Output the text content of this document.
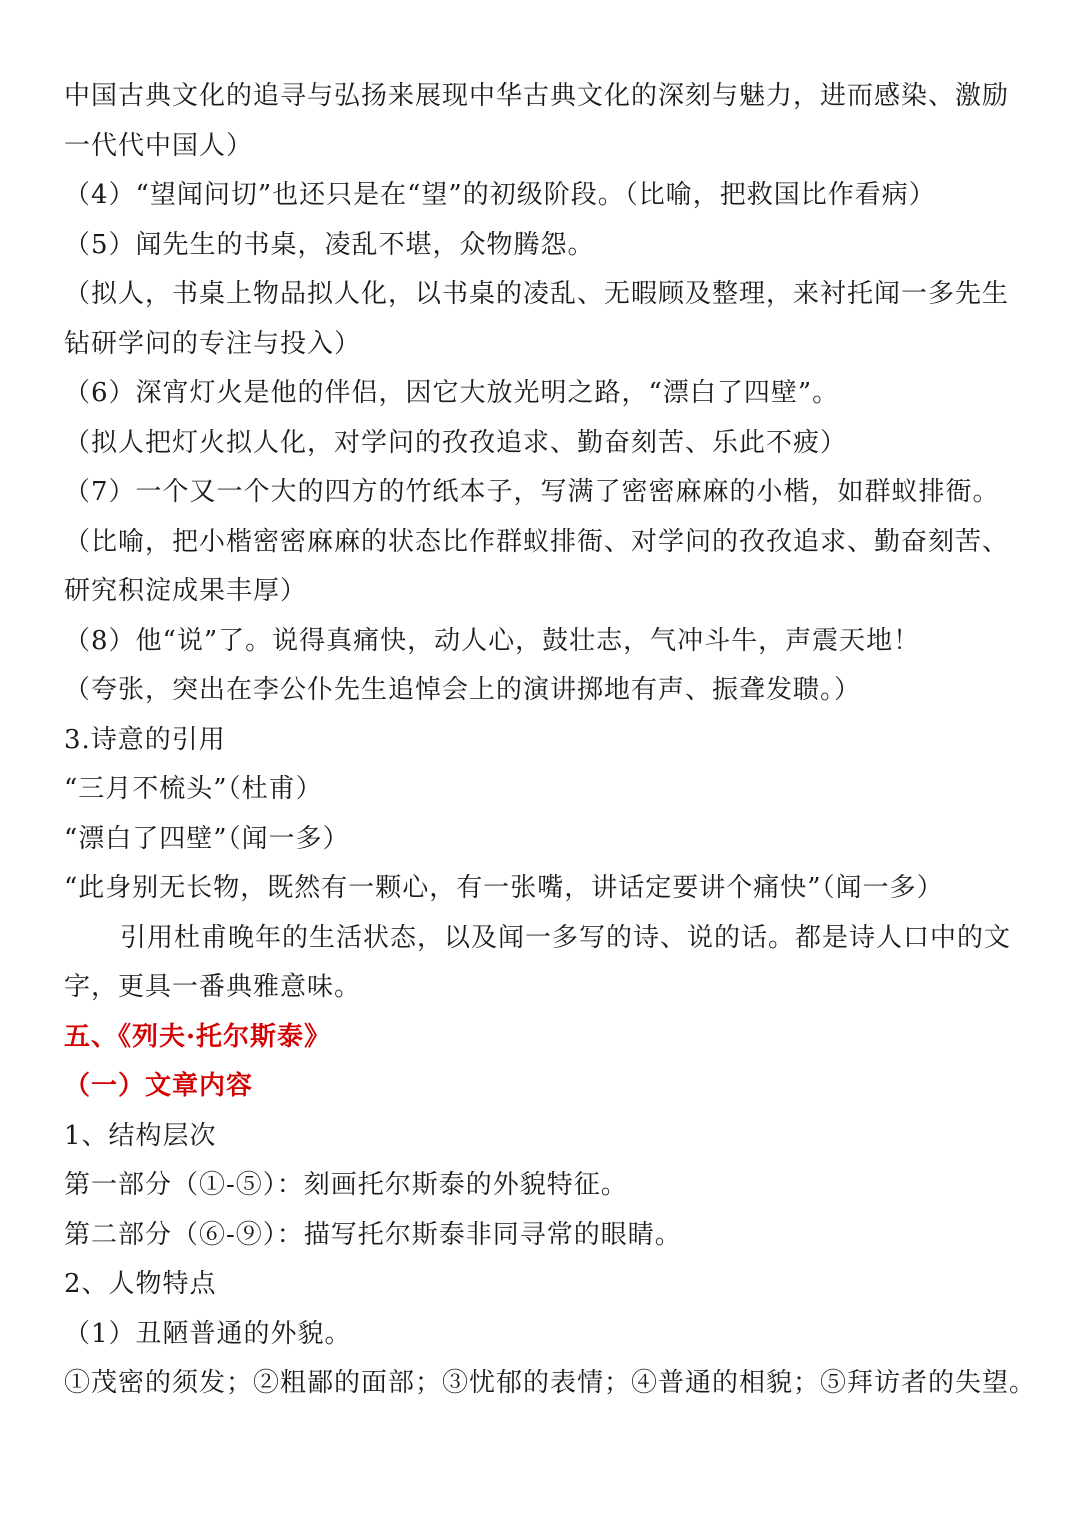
中国古典文化的追寻与弘扬来展现中华古典文化的深刻与魅力，进而感染、激励
一代代中国人）
（4）“望闻问切”也还只是在“望”的初级阶段。（比喻，把救国比作看病）
（5）闻先生的书桌，凌乱不堪，众物腾怨。
（拟人，书桌上物品拟人化，以书桌的凌乱、无暇顾及整理，来衬托闻一多先生
钻研学问的专注与投入）
（6）深宵灯火是他的伴侣，因它大放光明之路，“漂白了四壁”。
（拟人把灯火拟人化，对学问的孜孜追求、勤奋刻苦、乐此不疲）
（7）一个又一个大的四方的竹纸本子，写满了密密麻麻的小楷，如群蚁排衙。
（比喻，把小楷密密麻麻的状态比作群蚁排衙、对学问的孜孜追求、勤奋刻苦、
研究积淀成果丰厚）
（8）他“说”了。说得真痛快，动人心，鼓壮志，气冲斗牛，声震天地！
（夸张，突出在李公仆先生追悼会上的演讲掷地有声、振聋发聩。）
3.诗意的引用
“三月不梳头”（杜甫）
“漂白了四壁”（闻一多）
“此身别无长物，既然有一颗心，有一张嘴，讲话定要讲个痛快”（闻一多）
引用杜甫晚年的生活状态，以及闻一多写的诗、说的话。都是诗人口中的文
字，更具一番典雅意味。
五、《列夫·托尔斯泰》
（一）文章内容
1、结构层次
第一部分（①-⑤）：刻画托尔斯泰的外貌特征。
第二部分（⑥-⑨）：描写托尔斯泰非同寻常的眼睛。
2、人物特点
（1）丑陋普通的外貌。
①茂密的须发；②粗鄙的面部；③忧郁的表情；④普通的相貌；⑤拜访者的失望。
